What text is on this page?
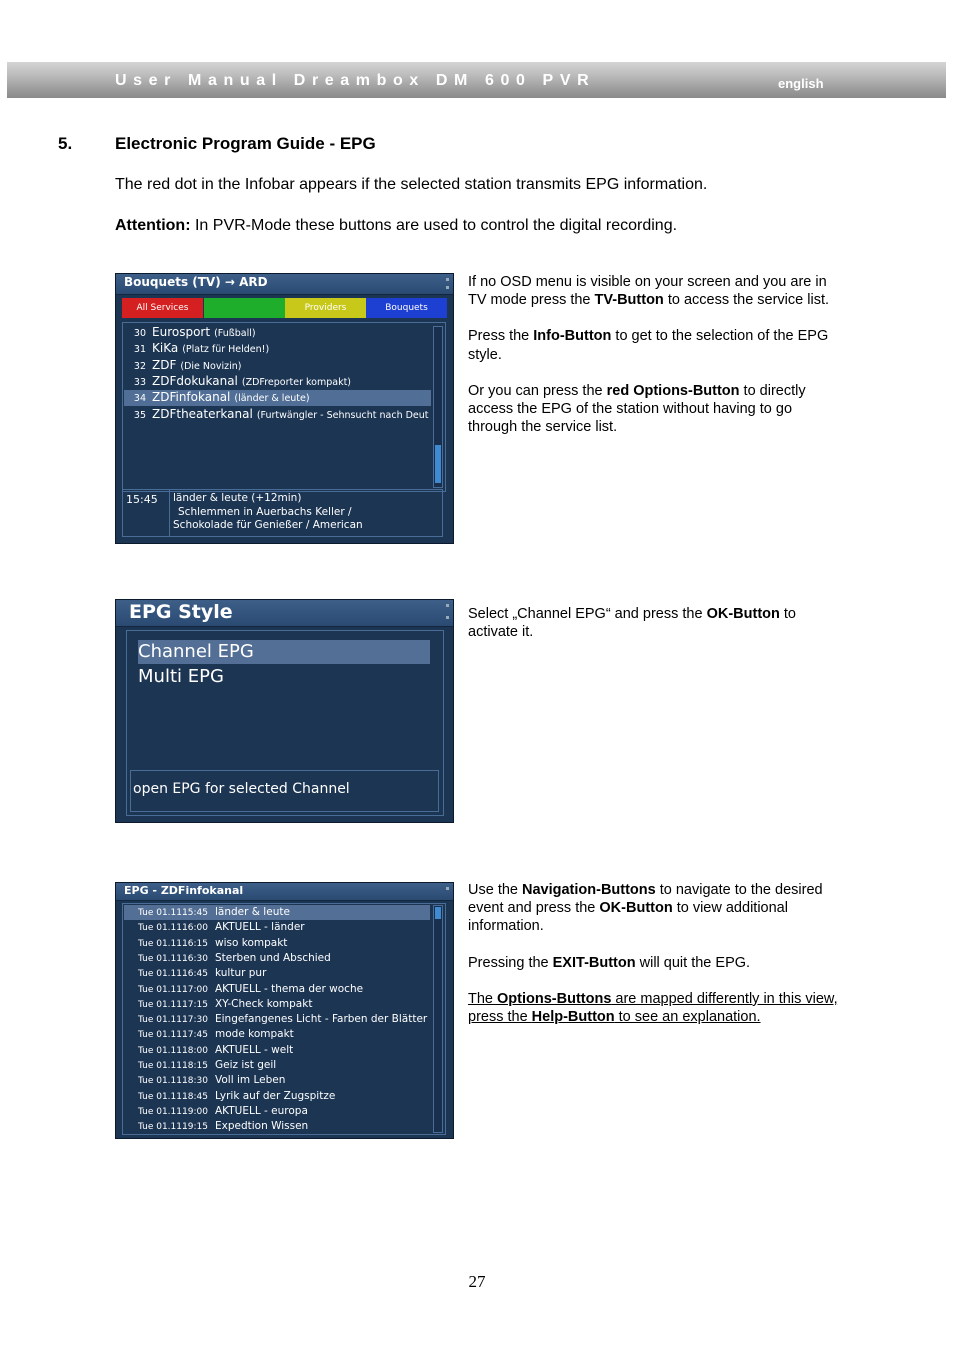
User Manual Dreambox DM 600 PVR	english
5.	Electronic Program Guide - EPG
The red dot in the Infobar appears if the selected station transmits EPG information.
Attention: In PVR-Mode these buttons are used to control the digital recording.
Bouquets (TV) → ARD
All Services	Providers	Bouquets
30 Eurosport (Fußball)
31 KiKa (Platz für Helden!)
32 ZDF (Die Novizin)
33 ZDFdokukanal (ZDFreporter kompakt)
34 ZDFinfokanal (länder & leute)
35 ZDFtheaterkanal (Furtwängler - Sehnsucht nach Deut
15:45 länder & leute (+12min)
Schlemmen in Auerbachs Keller /
Schokolade für Genießer / American

If no OSD menu is visible on your screen and you are in TV mode press the TV-Button to access the service list.

Press the Info-Button to get to the selection of the EPG style.

Or you can press the red Options-Button to directly access the EPG of the station without having to go through the service list.

EPG Style
Channel EPG
Multi EPG
open EPG for selected Channel

Select „Channel EPG“ and press the OK-Button to activate it.

EPG - ZDFinfokanal
Tue 01.11.15:45 länder & leute
Tue 01.11.16:00 AKTUELL - länder
Tue 01.11.16:15 wiso kompakt
Tue 01.11.16:30 Sterben und Abschied
Tue 01.11.16:45 kultur pur
Tue 01.11.17:00 AKTUELL - thema der woche
Tue 01.11.17:15 XY-Check kompakt
Tue 01.11.17:30 Eingefangenes Licht - Farben der Blätter
Tue 01.11.17:45 mode kompakt
Tue 01.11.18:00 AKTUELL - welt
Tue 01.11.18:15 Geiz ist geil
Tue 01.11.18:30 Voll im Leben
Tue 01.11.18:45 Lyrik auf der Zugspitze
Tue 01.11.19:00 AKTUELL - europa
Tue 01.11.19:15 Expedtion Wissen

Use the Navigation-Buttons to navigate to the desired event and press the OK-Button to view additional information.

Pressing the EXIT-Button will quit the EPG.

The Options-Buttons are mapped differently in this view, press the Help-Button to see an explanation.

27
